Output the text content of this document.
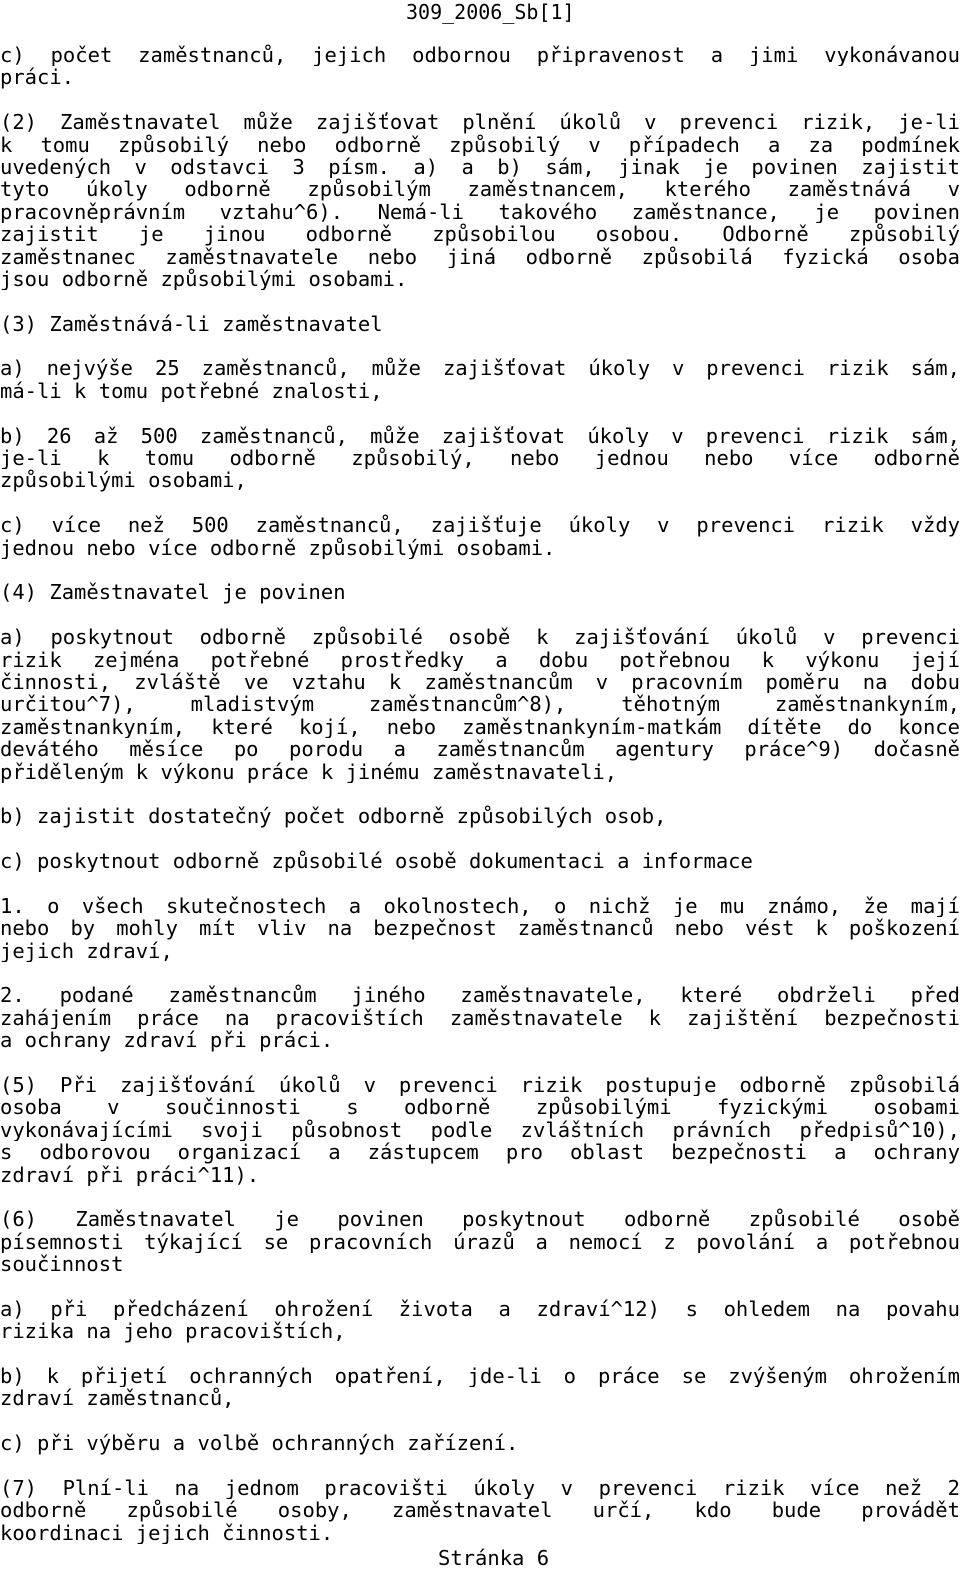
309_2006_Sb[1]
c) počet zaměstnanců, jejich odbornou připravenost a jimi vykonávanou
práci.
(2) Zaměstnavatel může zajišťovat plnění úkolů v prevenci rizik, je-li
k tomu způsobilý nebo odborně způsobilý v případech a za podmínek
uvedených v odstavci 3 písm. a) a b) sám, jinak je povinen zajistit
tyto úkoly odborně způsobilým zaměstnancem, kterého zaměstnává v
pracovněprávním vztahu^6). Nemá-li takového zaměstnance, je povinen
zajistit je jinou odborně způsobilou osobou. Odborně způsobilý
zaměstnanec zaměstnavatele nebo jiná odborně způsobilá fyzická osoba
jsou odborně způsobilými osobami.
(3) Zaměstnává-li zaměstnavatel
a) nejvýše 25 zaměstnanců, může zajišťovat úkoly v prevenci rizik sám,
má-li k tomu potřebné znalosti,
b) 26 až 500 zaměstnanců, může zajišťovat úkoly v prevenci rizik sám,
je-li k tomu odborně způsobilý, nebo jednou nebo více odborně
způsobilými osobami,
c) více než 500 zaměstnanců, zajišťuje úkoly v prevenci rizik vždy
jednou nebo více odborně způsobilými osobami.
(4) Zaměstnavatel je povinen
a) poskytnout odborně způsobilé osobě k zajišťování úkolů v prevenci
rizik zejména potřebné prostředky a dobu potřebnou k výkonu její
činnosti, zvláště ve vztahu k zaměstnancům v pracovním poměru na dobu
určitou^7), mladistvým zaměstnancům^8), těhotným zaměstnankyním,
zaměstnankyním, které kojí, nebo zaměstnankyním-matkám dítěte do konce
devátého měsíce po porodu a zaměstnancům agentury práce^9) dočasně
přiděleným k výkonu práce k jinému zaměstnavateli,
b) zajistit dostatečný počet odborně způsobilých osob,
c) poskytnout odborně způsobilé osobě dokumentaci a informace
1. o všech skutečnostech a okolnostech, o nichž je mu známo, že mají
nebo by mohly mít vliv na bezpečnost zaměstnanců nebo vést k poškození
jejich zdraví,
2. podané zaměstnancům jiného zaměstnavatele, které obdrželi před
zahájením práce na pracovištích zaměstnavatele k zajištění bezpečnosti
a ochrany zdraví při práci.
(5) Při zajišťování úkolů v prevenci rizik postupuje odborně způsobilá
osoba v součinnosti s odborně způsobilými fyzickými osobami
vykonávajícími svoji působnost podle zvláštních právních předpisů^10),
s odborovou organizací a zástupcem pro oblast bezpečnosti a ochrany
zdraví při práci^11).
(6) Zaměstnavatel je povinen poskytnout odborně způsobilé osobě
písemnosti týkající se pracovních úrazů a nemocí z povolání a potřebnou
součinnost
a) při předcházení ohrožení života a zdraví^12) s ohledem na povahu
rizika na jeho pracovištích,
b) k přijetí ochranných opatření, jde-li o práce se zvýšeným ohrožením
zdraví zaměstnanců,
c) při výběru a volbě ochranných zařízení.
(7) Plní-li na jednom pracovišti úkoly v prevenci rizik více než 2
odborně způsobilé osoby, zaměstnavatel určí, kdo bude provádět
koordinaci jejich činnosti.
Stránka 6
